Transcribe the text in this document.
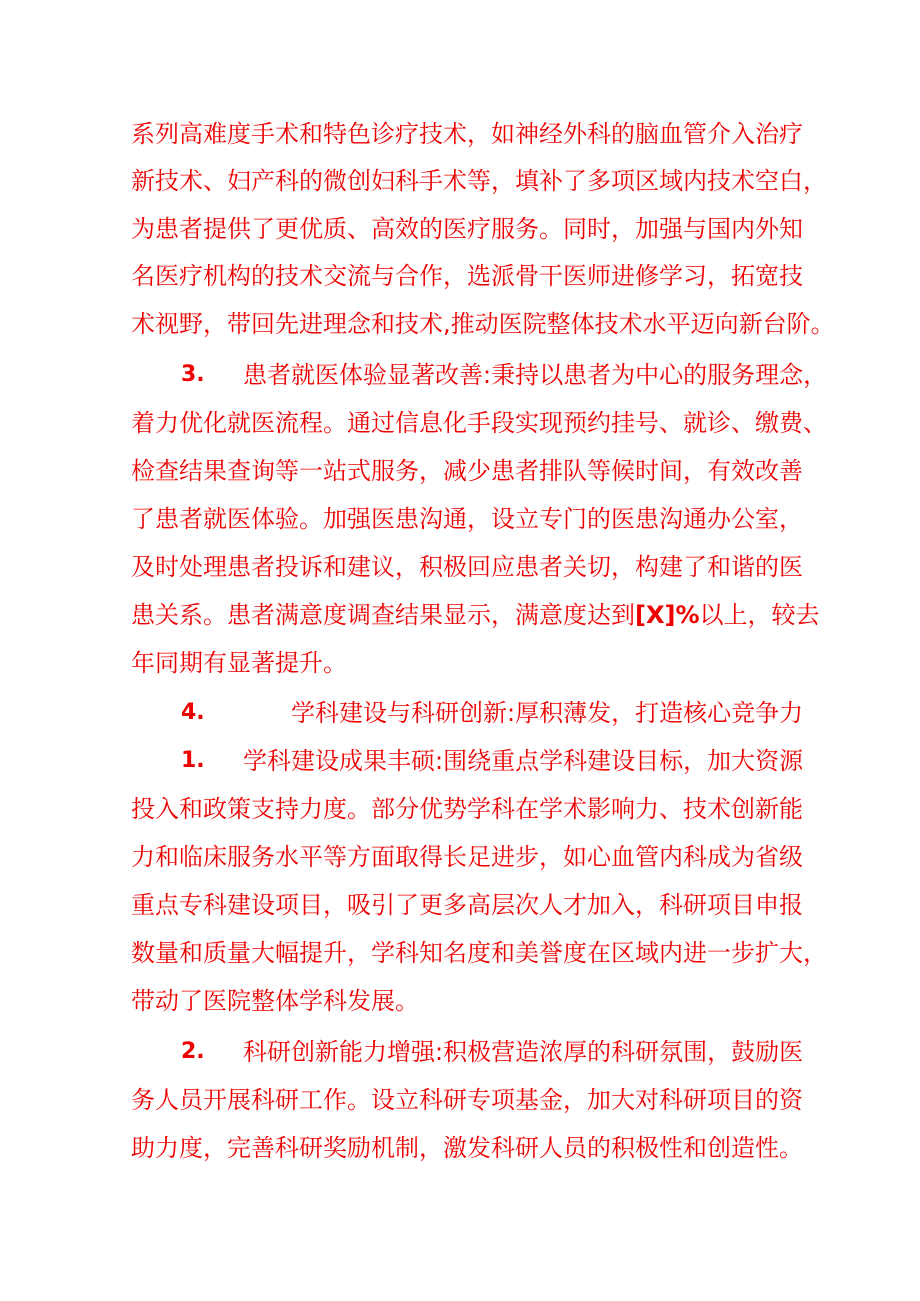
系列高难度手术和特色诊疗技术，如神经外科的脑血管介入治疗
新技术、妇产科的微创妇科手术等，填补了多项区域内技术空白，
为患者提供了更优质、高效的医疗服务。同时，加强与国内外知
名医疗机构的技术交流与合作，选派骨干医师进修学习，拓宽技
术视野，带回先进理念和技术,推动医院整体技术水平迈向新台阶。
3. 患者就医体验显著改善:秉持以患者为中心的服务理念，
着力优化就医流程。通过信息化手段实现预约挂号、就诊、缴费、
检查结果查询等一站式服务，减少患者排队等候时间，有效改善
了患者就医体验。加强医患沟通，设立专门的医患沟通办公室，
及时处理患者投诉和建议，积极回应患者关切，构建了和谐的医
患关系。患者满意度调查结果显示，满意度达到[X]%以上，较去
年同期有显著提升。
4.	学科建设与科研创新:厚积薄发，打造核心竞争力
1. 学科建设成果丰硕:围绕重点学科建设目标，加大资源
投入和政策支持力度。部分优势学科在学术影响力、技术创新能
力和临床服务水平等方面取得长足进步，如心血管内科成为省级
重点专科建设项目，吸引了更多高层次人才加入，科研项目申报
数量和质量大幅提升，学科知名度和美誉度在区域内进一步扩大，
带动了医院整体学科发展。
2. 科研创新能力增强:积极营造浓厚的科研氛围，鼓励医
务人员开展科研工作。设立科研专项基金，加大对科研项目的资
助力度，完善科研奖励机制，激发科研人员的积极性和创造性。
